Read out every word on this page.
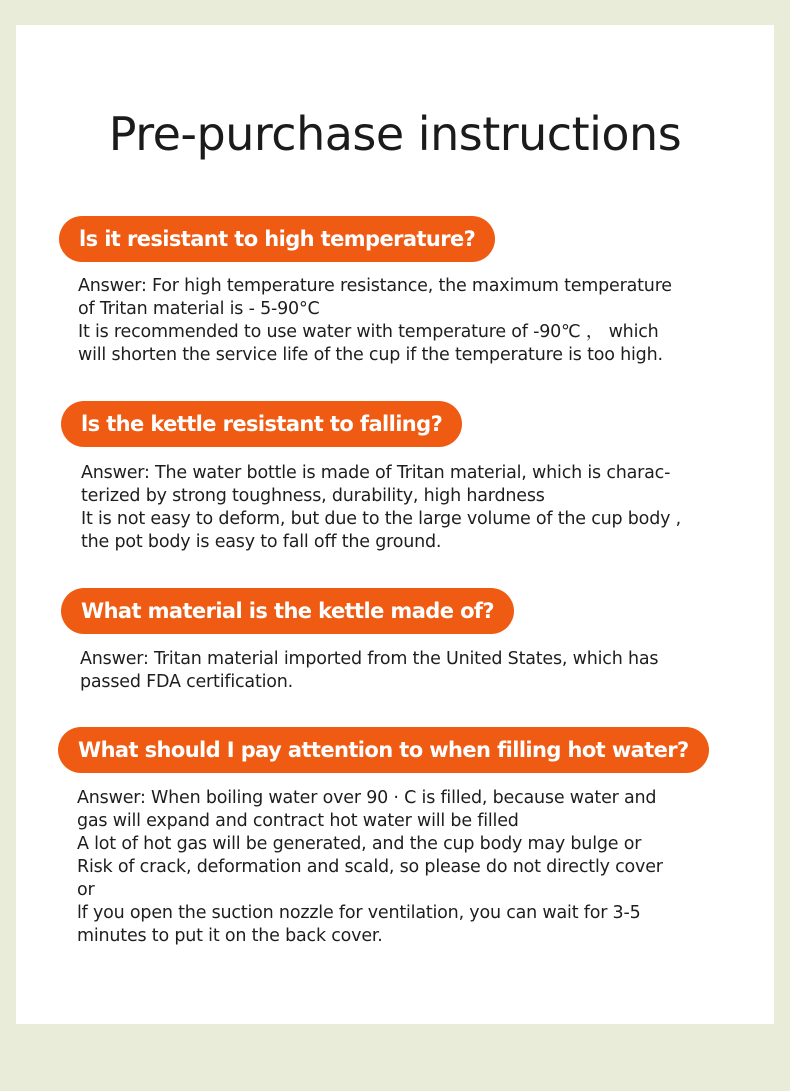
Pre-purchase instructions
ls it resistant to high temperature?
Answer: For high temperature resistance, the maximum temperature
of Tritan material is - 5-90°C
It is recommended to use water with temperature of -90℃ ， which
will shorten the service life of the cup if the temperature is too high.
ls the kettle resistant to falling?
Answer: The water bottle is made of Tritan material, which is charac-
terized by strong toughness, durability, high hardness
It is not easy to deform, but due to the large volume of the cup body ,
the pot body is easy to fall off the ground.
What material is the kettle made of?
Answer: Tritan material imported from the United States, which has
passed FDA certification.
What should I pay attention to when filling hot water?
Answer: When boiling water over 90 · C is filled, because water and
gas will expand and contract hot water will be filled
A lot of hot gas will be generated, and the cup body may bulge or
Risk of crack, deformation and scald, so please do not directly cover
or
lf you open the suction nozzle for ventilation, you can wait for 3-5
minutes to put it on the back cover.
